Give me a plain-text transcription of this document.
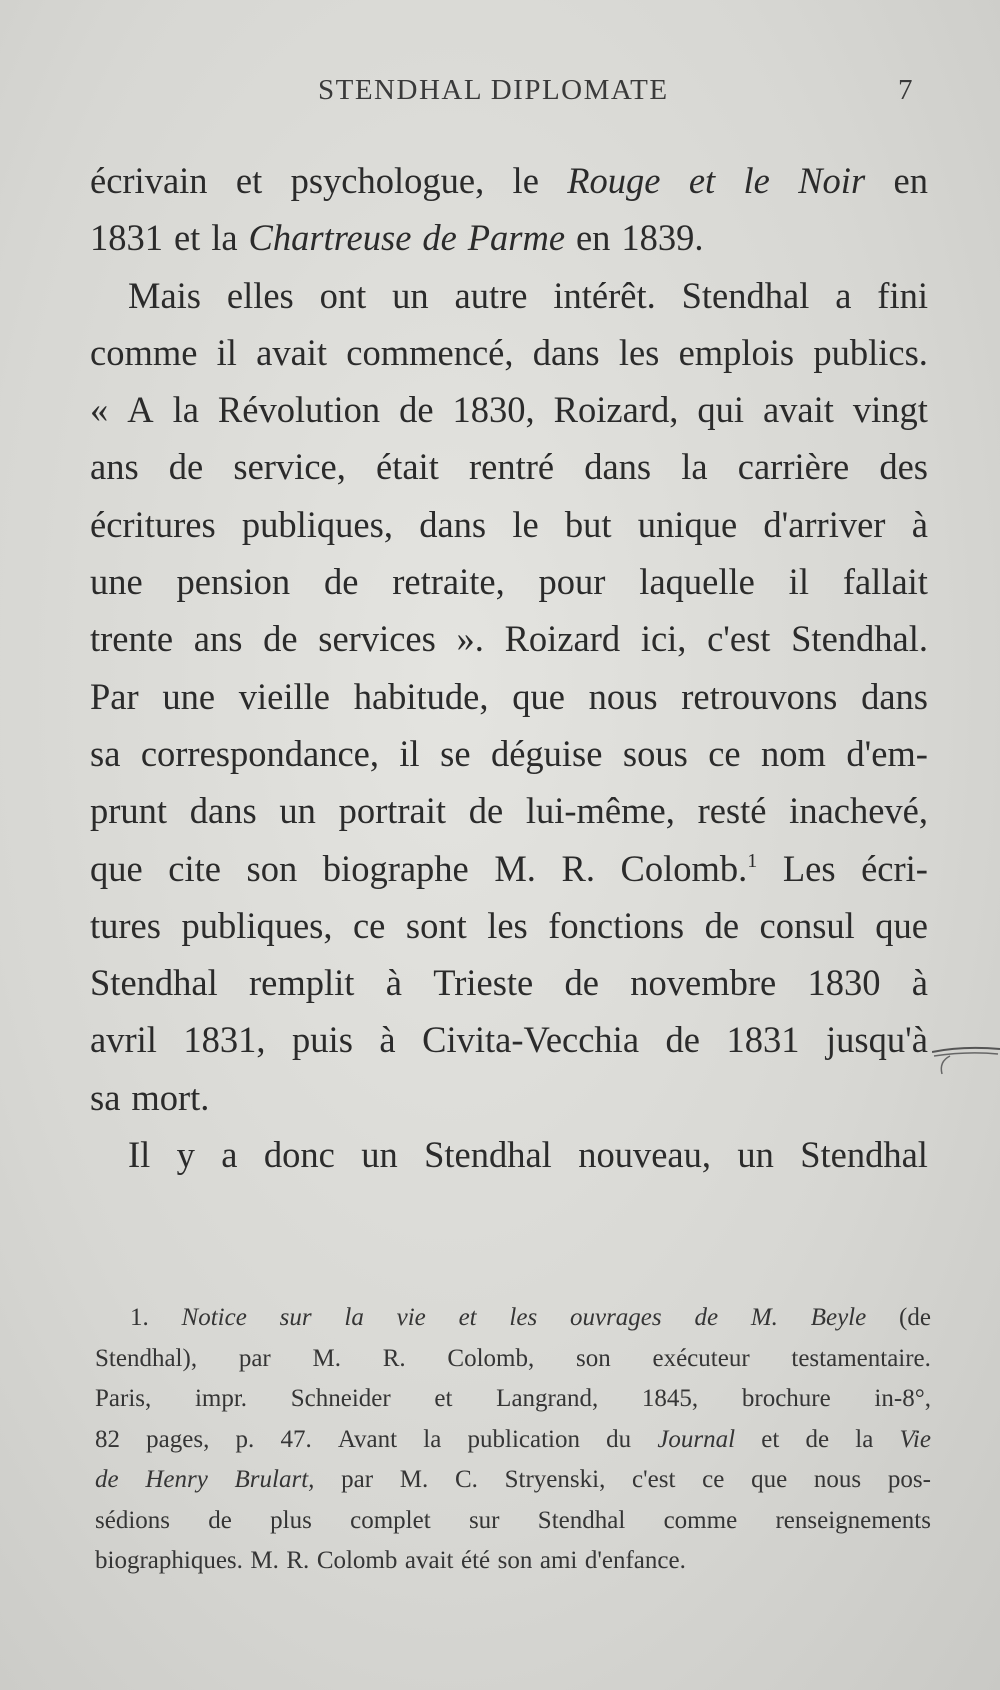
STENDHAL DIPLOMATE	7
écrivain et psychologue, le Rouge et le Noir en
1831 et la Chartreuse de Parme en 1839.
Mais elles ont un autre intérêt. Stendhal a fini
comme il avait commencé, dans les emplois publics.
« A la Révolution de 1830, Roizard, qui avait vingt
ans de service, était rentré dans la carrière des
écritures publiques, dans le but unique d'arriver à
une pension de retraite, pour laquelle il fallait
trente ans de services ». Roizard ici, c'est Stendhal.
Par une vieille habitude, que nous retrouvons dans
sa correspondance, il se déguise sous ce nom d'em-
prunt dans un portrait de lui-même, resté inachevé,
que cite son biographe M. R. Colomb.$^1$ Les écri-
tures publiques, ce sont les fonctions de consul que
Stendhal remplit à Trieste de novembre 1830 à
avril 1831, puis à Civita-Vecchia de 1831 jusqu'à
sa mort.
Il y a donc un Stendhal nouveau, un Stendhal
1. Notice sur la vie et les ouvrages de M. Beyle (de
Stendhal), par M. R. Colomb, son exécuteur testamentaire.
Paris, impr. Schneider et Langrand, 1845, brochure in-8°,
82 pages, p. 47. Avant la publication du Journal et de la Vie
de Henry Brulart, par M. C. Stryenski, c'est ce que nous pos-
sédions de plus complet sur Stendhal comme renseignements
biographiques. M. R. Colomb avait été son ami d'enfance.
